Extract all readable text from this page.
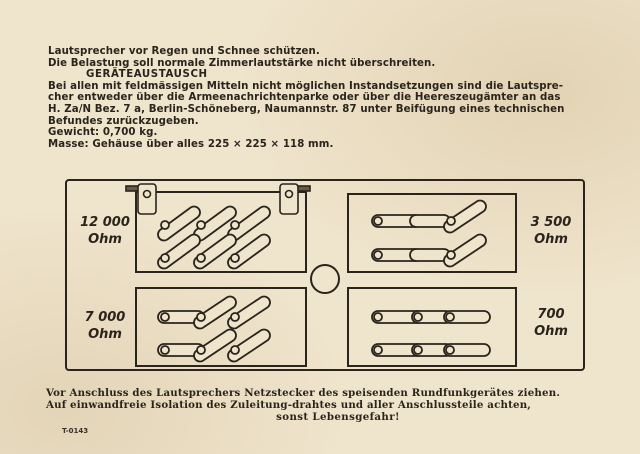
Lautsprecher vor Regen und Schnee schützen.
Die Belastung soll normale Zimmerlautstärke nicht überschreiten.
GERÄTEAUSTAUSCH
Bei allen mit feldmässigen Mitteln nicht möglichen Instandsetzungen sind die Lautspre-
cher entweder über die Armeenachrichtenparke oder über die Heereszeugämter an das
H. Za/N Bez. 7 a, Berlin-Schöneberg, Naumannstr. 87 unter Beifügung eines technischen
Befundes zurückzugeben.
Gewicht: 0,700 kg.
Masse: Gehäuse über alles 225 × 225 × 118 mm.
12 000
Ohm
3 500
Ohm
7 000
Ohm
700
Ohm
Vor Anschluss des Lautsprechers Netzstecker des speisenden Rundfunkgerätes ziehen.
Auf einwandfreie Isolation des Zuleitung-drahtes und aller Anschlussteile achten,
sonst Lebensgefahr!
T-0143
